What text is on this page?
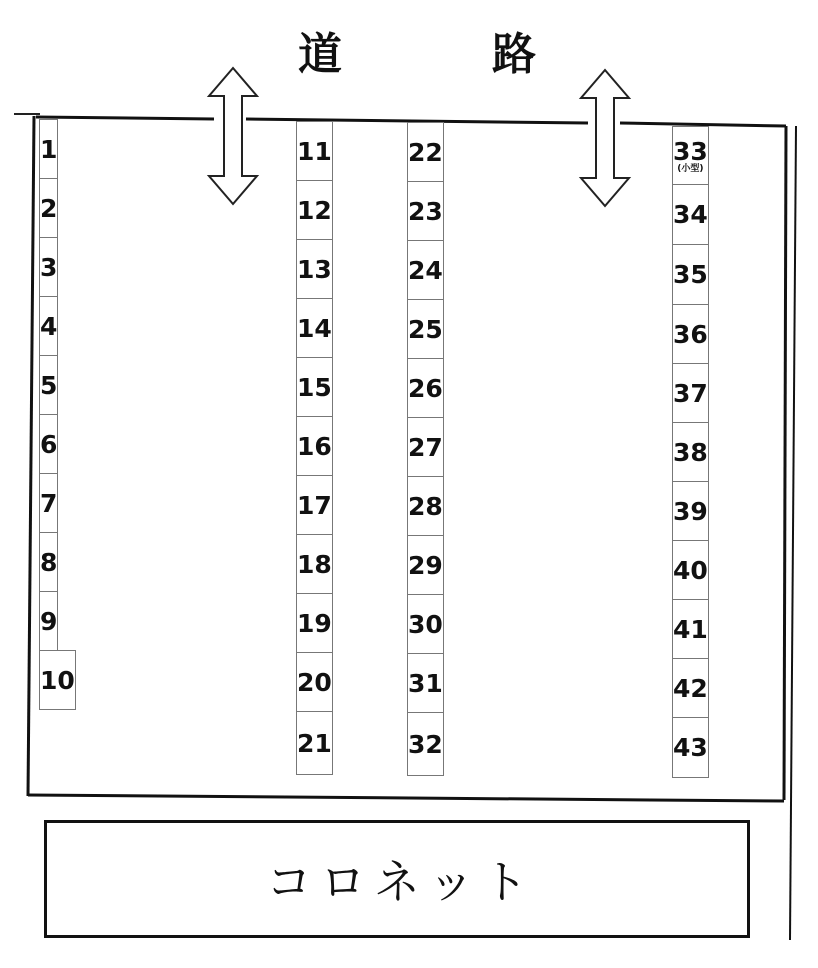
道	路
1
2
3
4
5
6
7
8
9
10
11
12
13
14
15
16
17
18
19
20
21
22
23
24
25
26
27
28
29
30
31
32
33
(小型)
34
35
36
37
38
39
40
41
42
43
コロネット
